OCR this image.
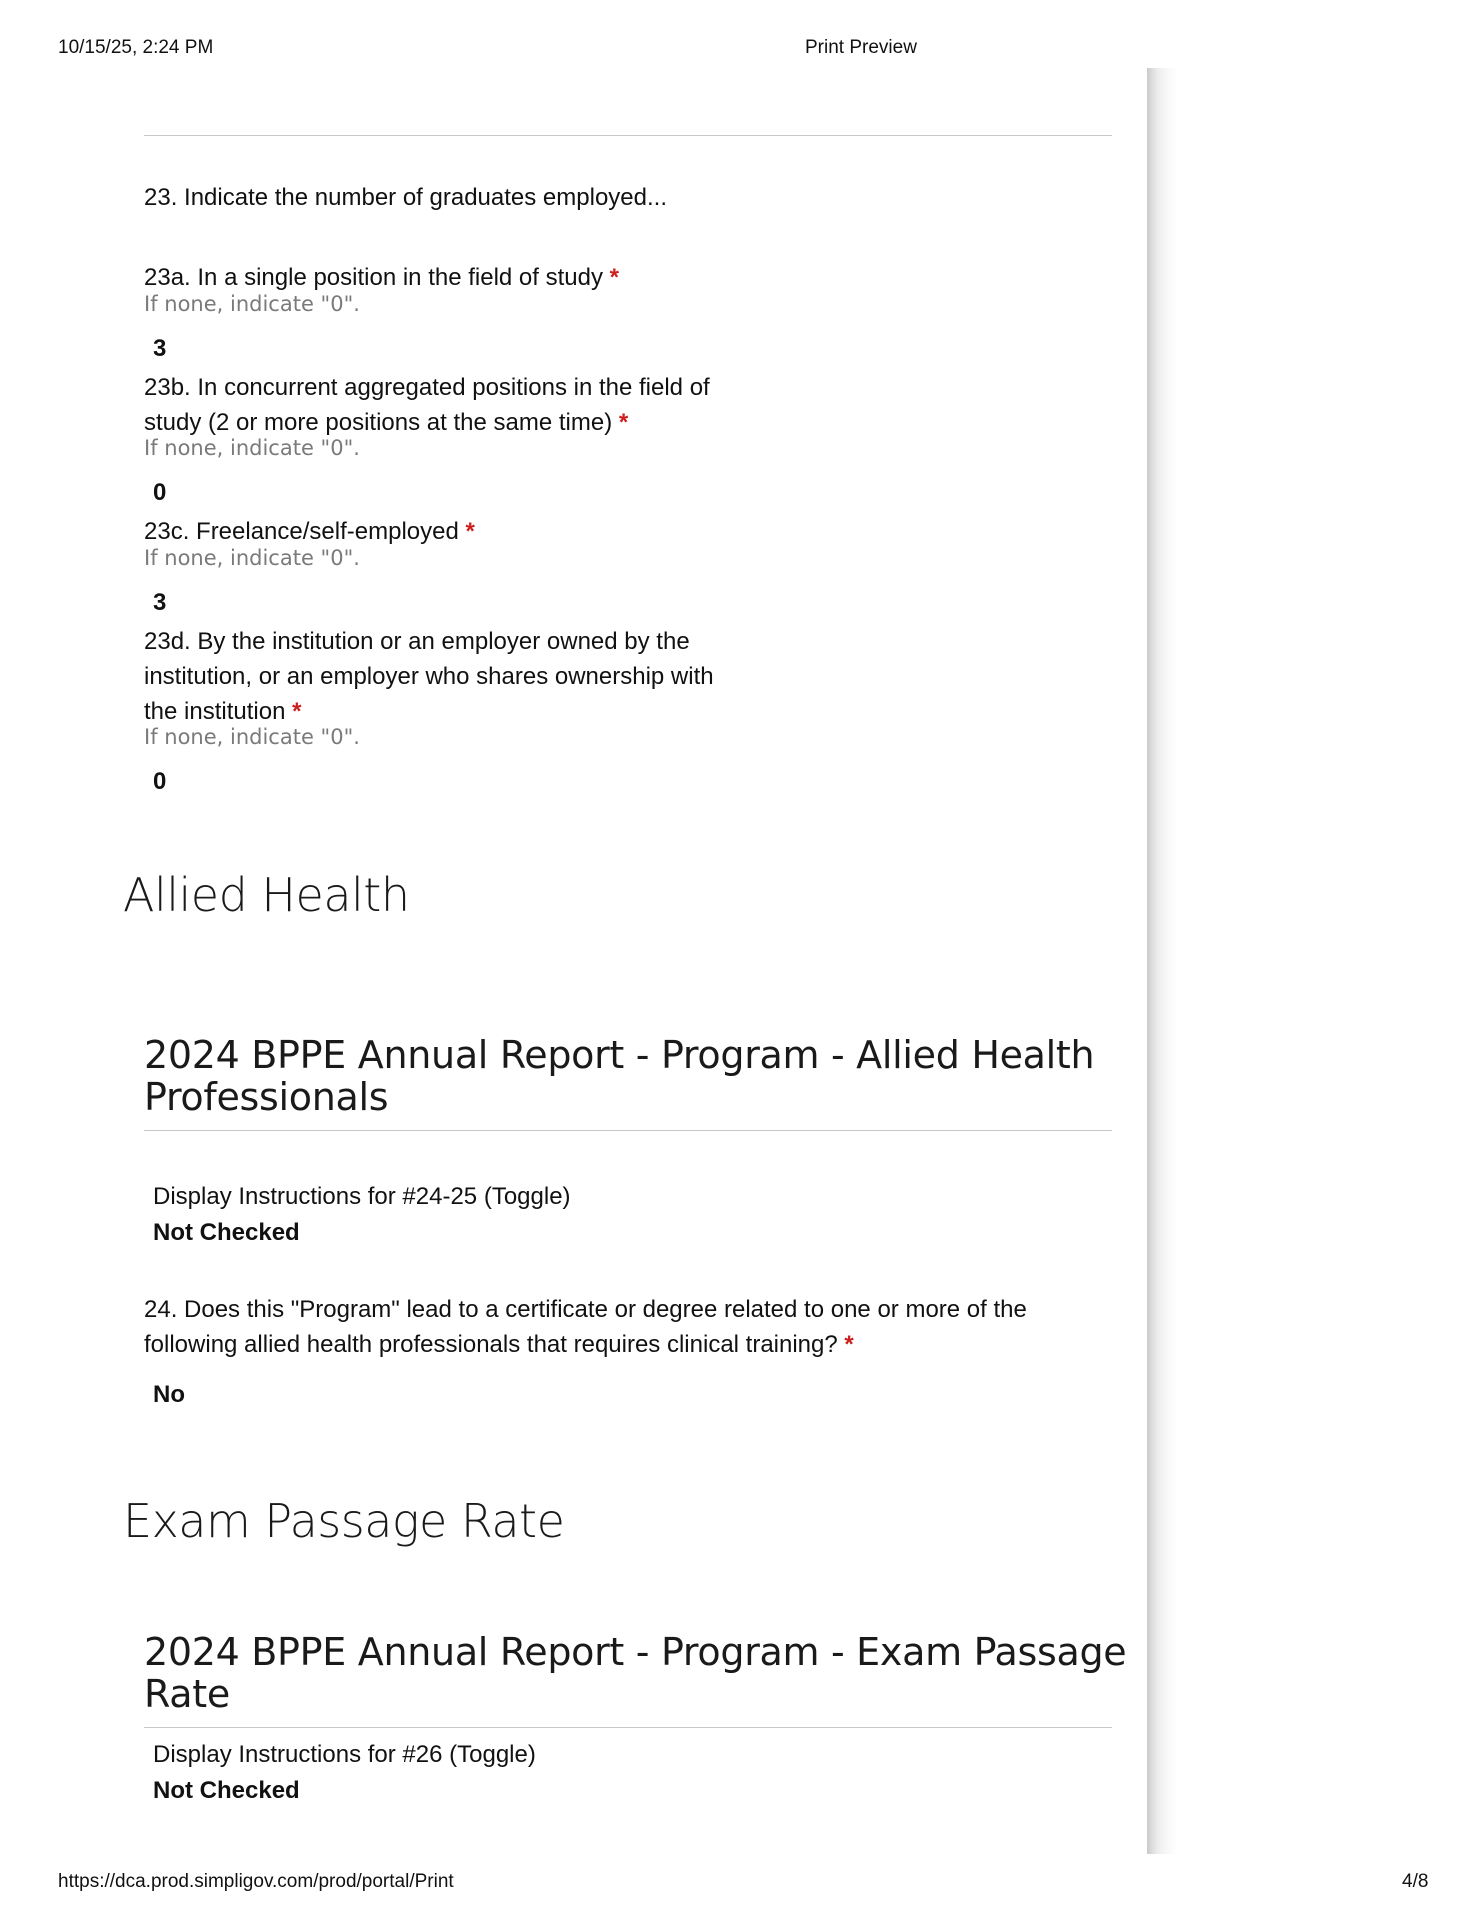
10/15/25, 2:24 PM	Print Preview
23. Indicate the number of graduates employed...
23a. In a single position in the field of study *
If none, indicate "0".
3
23b. In concurrent aggregated positions in the field of
study (2 or more positions at the same time) *
If none, indicate "0".
0
23c. Freelance/self-employed *
If none, indicate "0".
3
23d. By the institution or an employer owned by the
institution, or an employer who shares ownership with
the institution *
If none, indicate "0".
0
Allied Health
2024 BPPE Annual Report - Program - Allied Health
Professionals
Display Instructions for #24-25 (Toggle)
Not Checked
24. Does this "Program" lead to a certificate or degree related to one or more of the
following allied health professionals that requires clinical training? *
No
Exam Passage Rate
2024 BPPE Annual Report - Program - Exam Passage
Rate
Display Instructions for #26 (Toggle)
Not Checked
https://dca.prod.simpligov.com/prod/portal/Print	4/8
